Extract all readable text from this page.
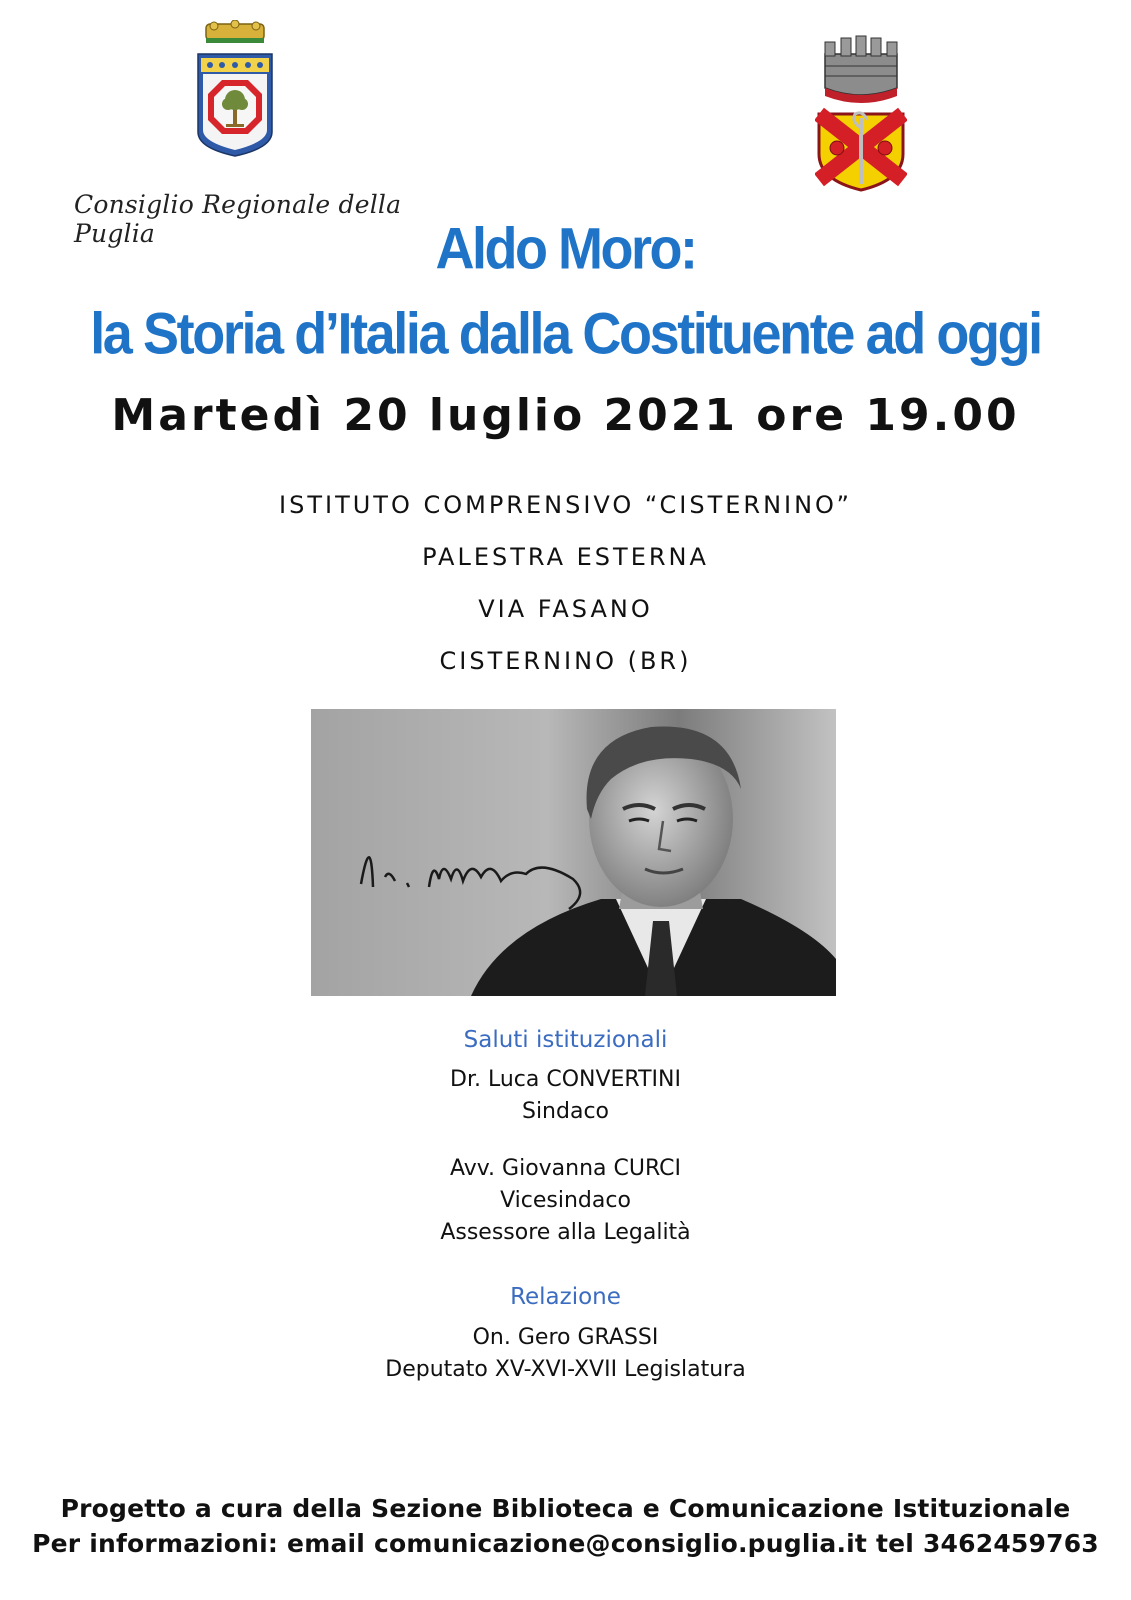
Consiglio Regionale della Puglia	Aldo Moro:
la Storia d’Italia dalla Costituente ad oggi
Martedì 20 luglio 2021 ore 19.00
ISTITUTO COMPRENSIVO “CISTERNINO”
PALESTRA ESTERNA
VIA FASANO
CISTERNINO (BR)
Saluti istituzionali
Dr. Luca CONVERTINI
Sindaco
Avv. Giovanna CURCI
Vicesindaco
Assessore alla Legalità
Relazione
On. Gero GRASSI
Deputato XV-XVI-XVII Legislatura
Progetto a cura della Sezione Biblioteca e Comunicazione Istituzionale
Per informazioni: email comunicazione@consiglio.puglia.it tel 3462459763
